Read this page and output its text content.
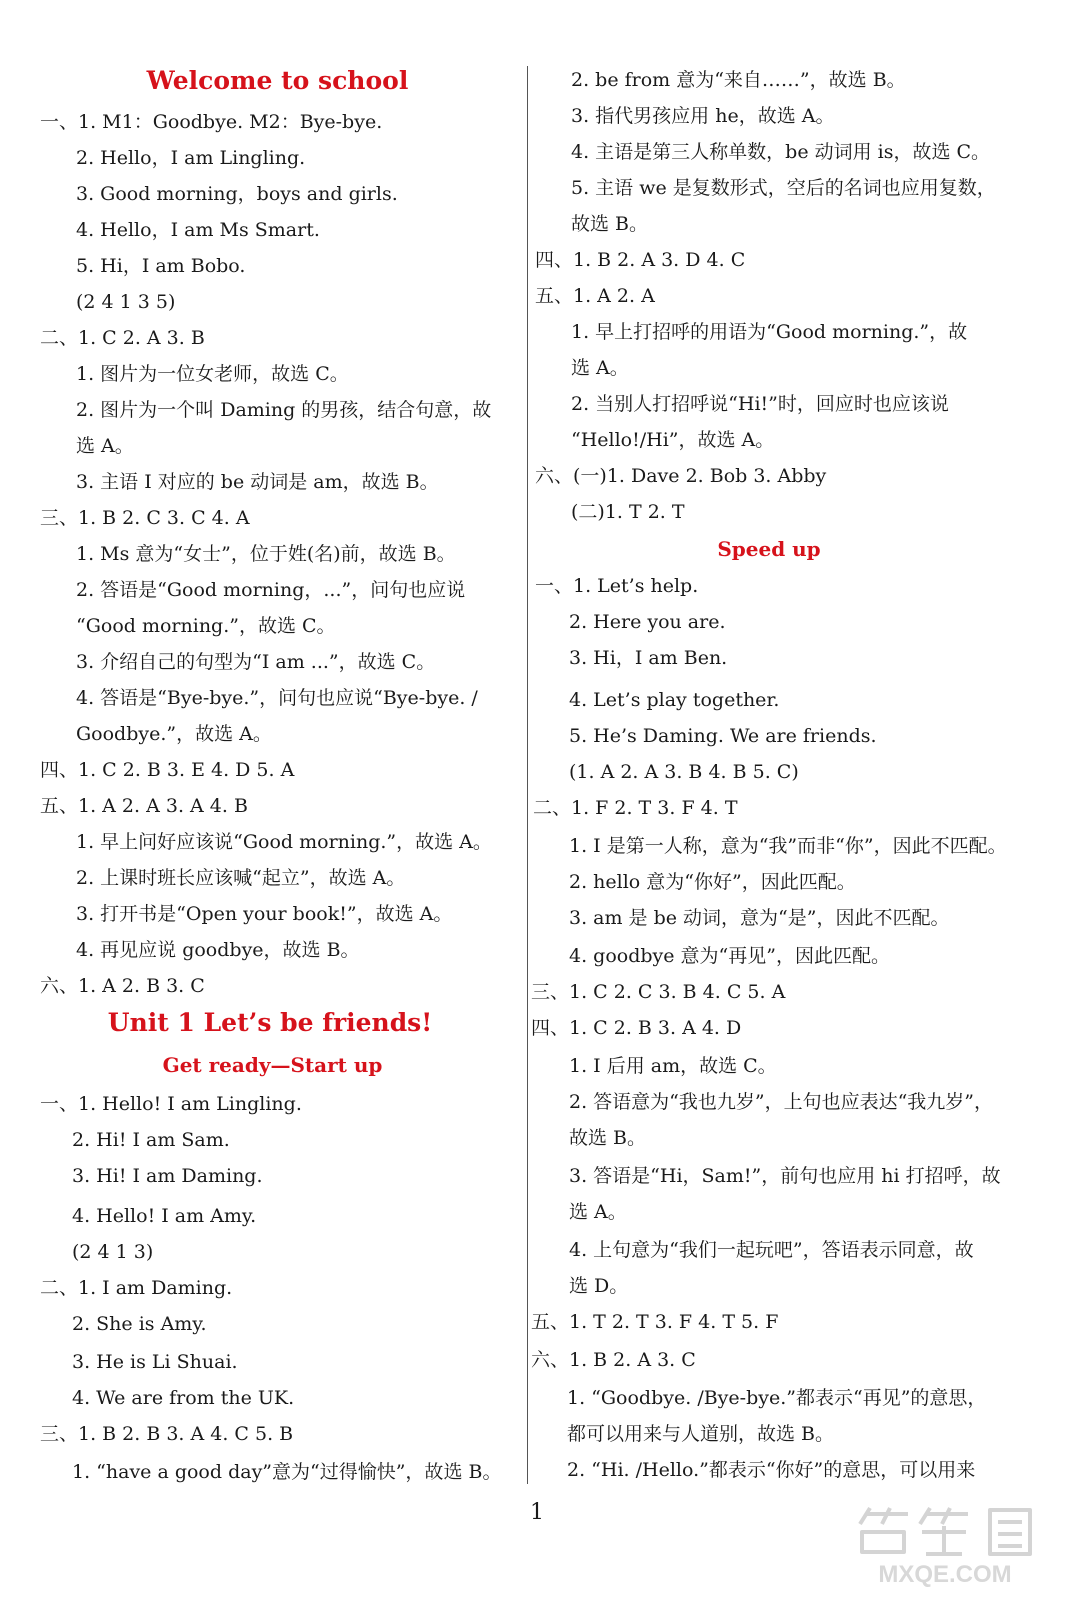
Welcome to school
一、1. M1：Goodbye. M2：Bye-bye.
2. Hello，I am Lingling.
3. Good morning，boys and girls.
4. Hello，I am Ms Smart.
5. Hi，I am Bobo.
(2 4 1 3 5)
二、1. C 2. A 3. B
1. 图片为一位女老师，故选 C。
2. 图片为一个叫 Daming 的男孩，结合句意，故
选 A。
3. 主语 I 对应的 be 动词是 am，故选 B。
三、1. B 2. C 3. C 4. A
1. Ms 意为“女士”，位于姓(名)前，故选 B。
2. 答语是“Good morning，...”，问句也应说
“Good morning.”，故选 C。
3. 介绍自己的句型为“I am ...”，故选 C。
4. 答语是“Bye-bye.”，问句也应说“Bye-bye. /
Goodbye.”，故选 A。
四、1. C 2. B 3. E 4. D 5. A
五、1. A 2. A 3. A 4. B
1. 早上问好应该说“Good morning.”，故选 A。
2. 上课时班长应该喊“起立”，故选 A。
3. 打开书是“Open your book!”，故选 A。
4. 再见应说 goodbye，故选 B。
六、1. A 2. B 3. C
Unit 1 Let’s be friends!
Get ready—Start up
一、1. Hello! I am Lingling.
2. Hi! I am Sam.
3. Hi! I am Daming.
4. Hello! I am Amy.
(2 4 1 3)
二、1. I am Daming.
2. She is Amy.
3. He is Li Shuai.
4. We are from the UK.
三、1. B 2. B 3. A 4. C 5. B
1. “have a good day”意为“过得愉快”，故选 B。
2. be from 意为“来自……”，故选 B。
3. 指代男孩应用 he，故选 A。
4. 主语是第三人称单数，be 动词用 is，故选 C。
5. 主语 we 是复数形式，空后的名词也应用复数，
故选 B。
四、1. B 2. A 3. D 4. C
五、1. A 2. A
1. 早上打招呼的用语为“Good morning.”，故
选 A。
2. 当别人打招呼说“Hi!”时，回应时也应该说
“Hello!/Hi”，故选 A。
六、(一)1. Dave 2. Bob 3. Abby
(二)1. T 2. T
Speed up
一、1. Let’s help.
2. Here you are.
3. Hi，I am Ben.
4. Let’s play together.
5. He’s Daming. We are friends.
(1. A 2. A 3. B 4. B 5. C)
二、1. F 2. T 3. F 4. T
1. I 是第一人称，意为“我”而非“你”，因此不匹配。
2. hello 意为“你好”，因此匹配。
3. am 是 be 动词，意为“是”，因此不匹配。
4. goodbye 意为“再见”，因此匹配。
三、1. C 2. C 3. B 4. C 5. A
四、1. C 2. B 3. A 4. D
1. I 后用 am，故选 C。
2. 答语意为“我也九岁”，上句也应表达“我九岁”，
故选 B。
3. 答语是“Hi，Sam!”，前句也应用 hi 打招呼，故
选 A。
4. 上句意为“我们一起玩吧”，答语表示同意，故
选 D。
五、1. T 2. T 3. F 4. T 5. F
六、1. B 2. A 3. C
1. “Goodbye. /Bye-bye.”都表示“再见”的意思，
都可以用来与人道别，故选 B。
2. “Hi. /Hello.”都表示“你好”的意思，可以用来
1
MXQE.COM
